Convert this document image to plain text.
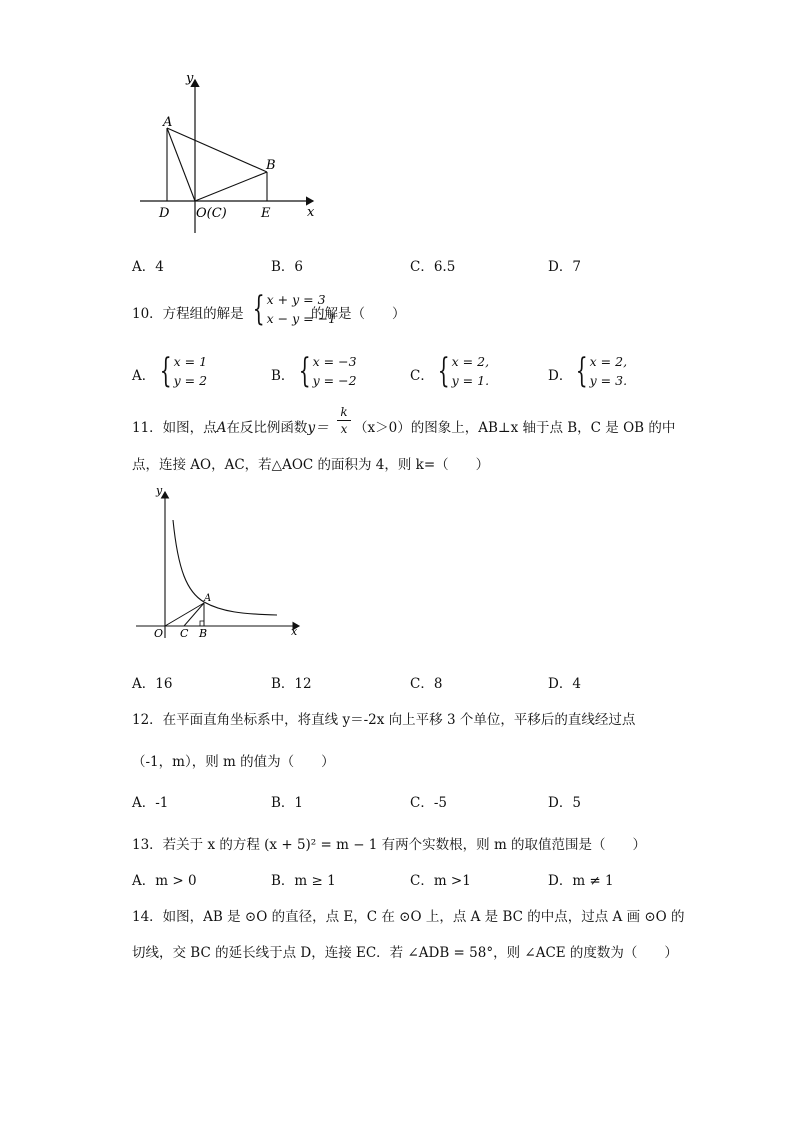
y
x
A
B
D O(C)	E
A．4	B．6	C．6.5	D．7
10．方程组的解是 { x + y = 3
x − y = −1
的解是（　　）
A． { x = 1
y = 2	B． { x = −3
y = −2	C． { x = 2,
y = 1.	D． { x = 2,
y = 3.
11．如图，点A在反比例函数y＝
k
x （x＞0）的图象上，AB⊥x 轴于点 B，C 是 OB 的中
点，连接 AO，AC，若△AOC 的面积为 4，则 k=（　　）
y
x
A
O C B
A．16	B．12	C．8	D．4
12．在平面直角坐标系中，将直线 y＝-2x 向上平移 3 个单位，平移后的直线经过点
（-1，m），则 m 的值为（　　）
A．-1	B．1	C．-5	D．5
13．若关于 x 的方程 (x + 5)² = m − 1 有两个实数根，则 m 的取值范围是（　　）
A．m > 0	B．m ≥ 1	C．m >1	D．m ≠ 1
14．如图，AB 是 ⊙O 的直径，点 E，C 在 ⊙O 上，点 A 是 BC 的中点，过点 A 画 ⊙O 的
切线，交 BC 的延长线于点 D，连接 EC．若 ∠ADB = 58°，则 ∠ACE 的度数为（　　）
